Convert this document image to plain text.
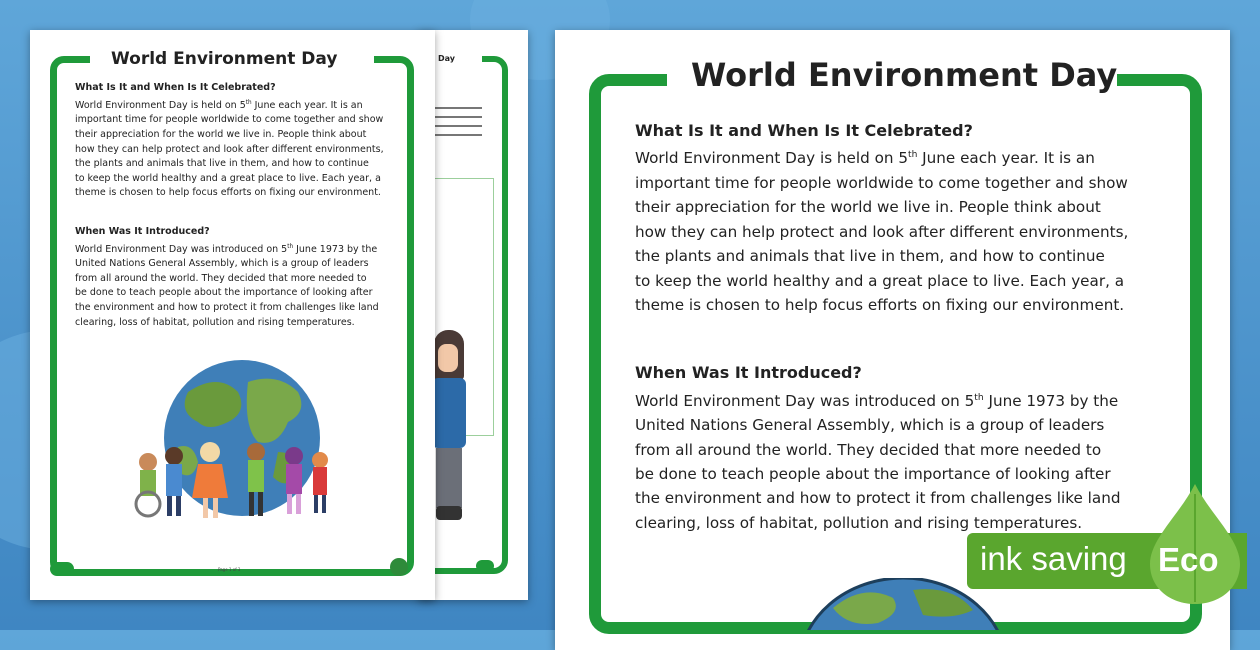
Day
World Environment Day
What Is It and When Is It Celebrated?
World Environment Day is held on 5th June each year. It is an
important time for people worldwide to come together and show
their appreciation for the world we live in. People think about
how they can help protect and look after different environments,
the plants and animals that live in them, and how to continue
to keep the world healthy and a great place to live. Each year, a
theme is chosen to help focus efforts on fixing our environment.
When Was It Introduced?
World Environment Day was introduced on 5th June 1973 by the
United Nations General Assembly, which is a group of leaders
from all around the world. They decided that more needed to
be done to teach people about the importance of looking after
the environment and how to protect it from challenges like land
clearing, loss of habitat, pollution and rising temperatures.
Page 1 of 3
World Environment Day
What Is It and When Is It Celebrated?
World Environment Day is held on 5th June each year. It is an
important time for people worldwide to come together and show
their appreciation for the world we live in. People think about
how they can help protect and look after different environments,
the plants and animals that live in them, and how to continue
to keep the world healthy and a great place to live. Each year, a
theme is chosen to help focus efforts on fixing our environment.
When Was It Introduced?
World Environment Day was introduced on 5th June 1973 by the
United Nations General Assembly, which is a group of leaders
from all around the world. They decided that more needed to
be done to teach people about the importance of looking after
the environment and how to protect it from challenges like land
clearing, loss of habitat, pollution and rising temperatures.
ink saving Eco
